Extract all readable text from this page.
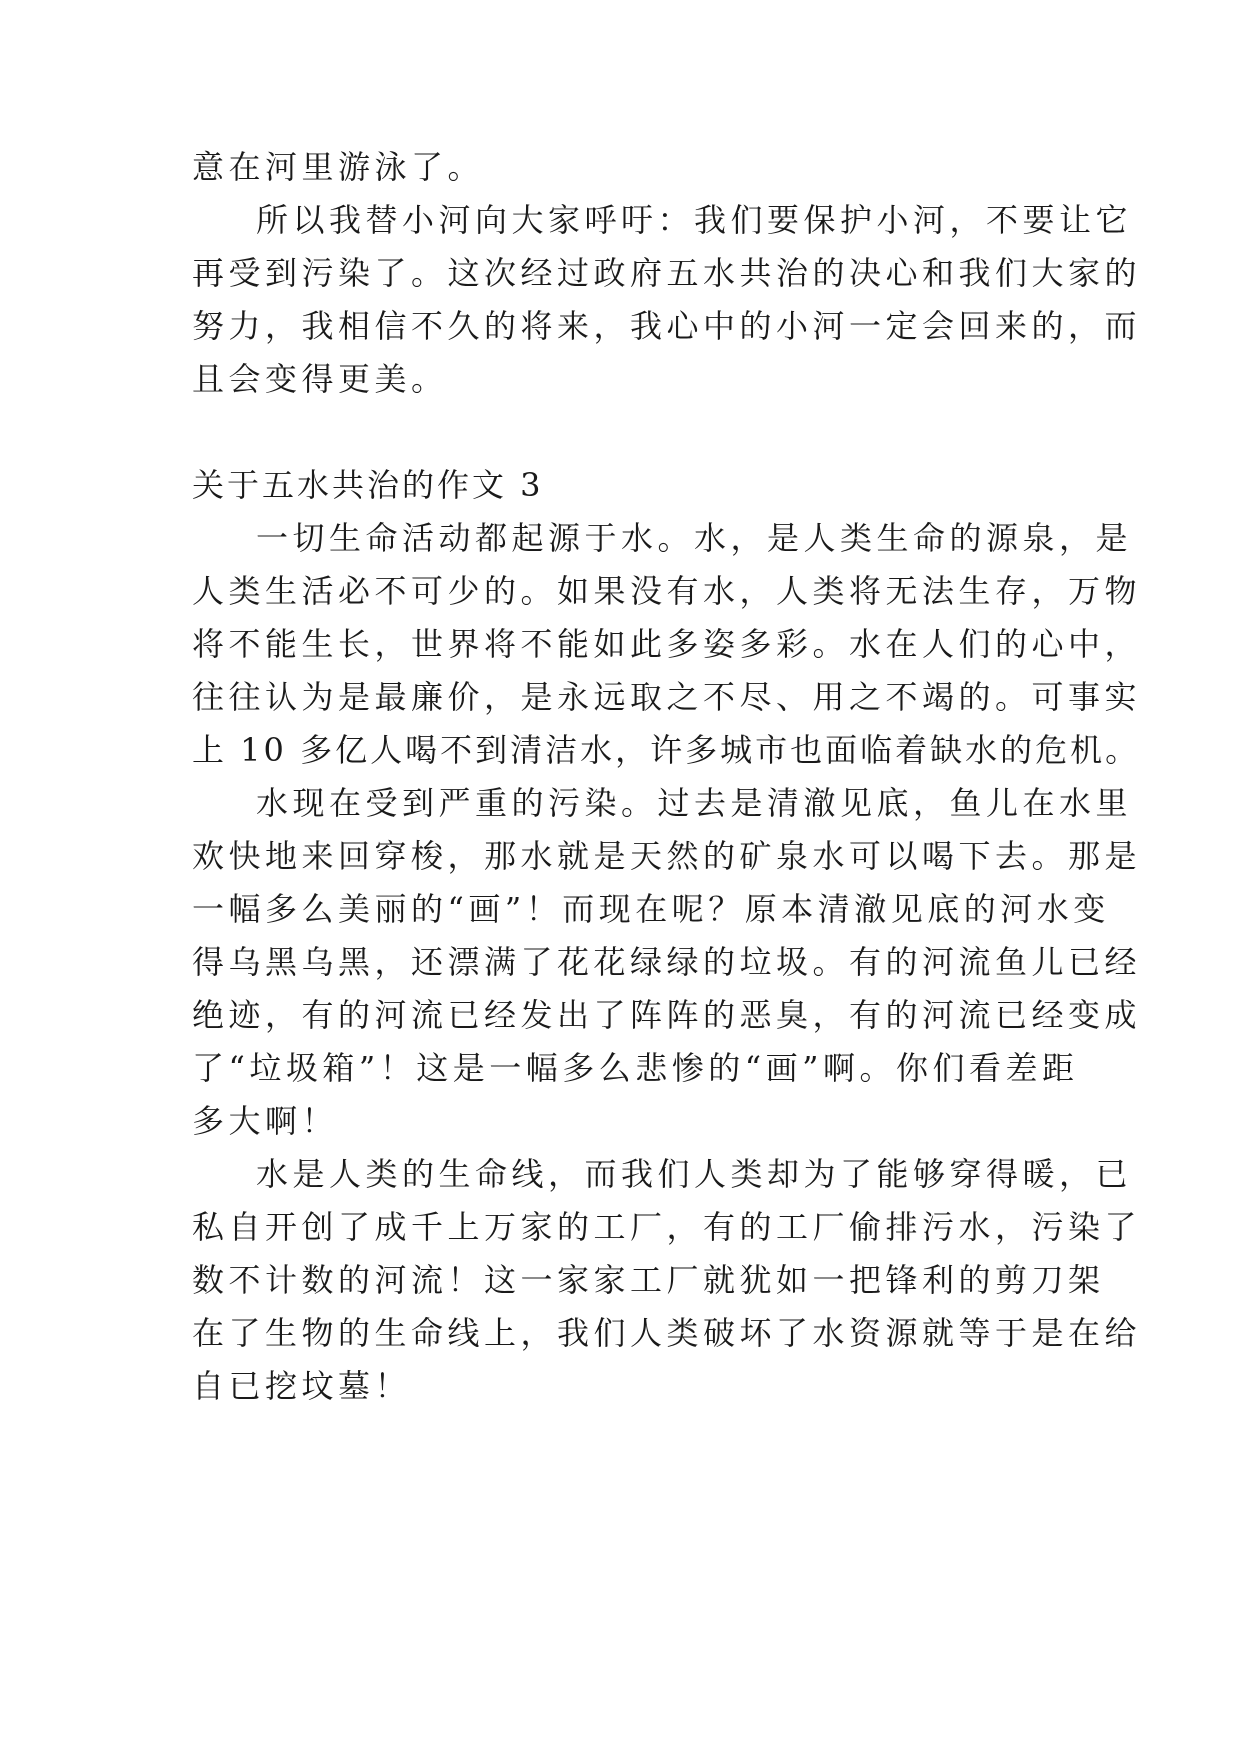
意在河里游泳了。
所以我替小河向大家呼吁：我们要保护小河，不要让它
再受到污染了。这次经过政府五水共治的决心和我们大家的
努力，我相信不久的将来，我心中的小河一定会回来的，而
且会变得更美。
关于五水共治的作文 3
一切生命活动都起源于水。水，是人类生命的源泉，是
人类生活必不可少的。如果没有水，人类将无法生存，万物
将不能生长，世界将不能如此多姿多彩。水在人们的心中，
往往认为是最廉价，是永远取之不尽、用之不竭的。可事实
上 10 多亿人喝不到清洁水，许多城市也面临着缺水的危机。
水现在受到严重的污染。过去是清澈见底，鱼儿在水里
欢快地来回穿梭，那水就是天然的矿泉水可以喝下去。那是
一幅多么美丽的“画”！而现在呢？原本清澈见底的河水变
得乌黑乌黑，还漂满了花花绿绿的垃圾。有的河流鱼儿已经
绝迹，有的河流已经发出了阵阵的恶臭，有的河流已经变成
了“垃圾箱”！这是一幅多么悲惨的“画”啊。你们看差距
多大啊！
水是人类的生命线，而我们人类却为了能够穿得暖，已
私自开创了成千上万家的工厂，有的工厂偷排污水，污染了
数不计数的河流！这一家家工厂就犹如一把锋利的剪刀架
在了生物的生命线上，我们人类破坏了水资源就等于是在给
自已挖坟墓！
